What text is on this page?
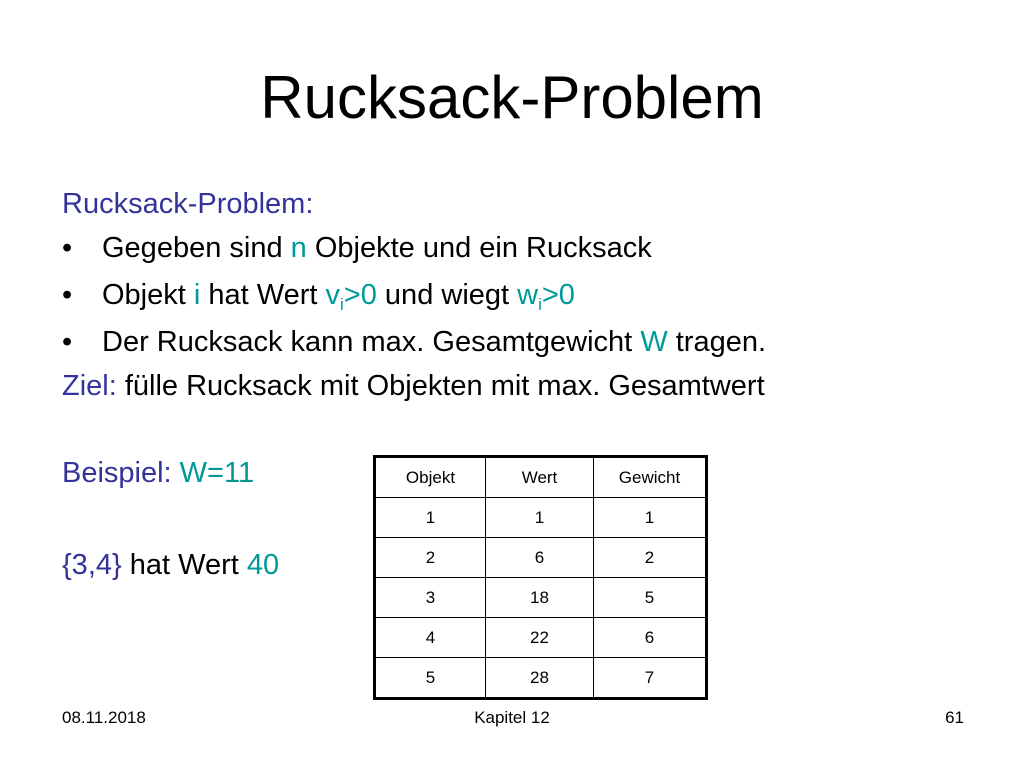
Rucksack-Problem
Rucksack-Problem:
• Gegeben sind n Objekte und ein Rucksack
• Objekt i hat Wert $v_i>0$ und wiegt $w_i>0$
• Der Rucksack kann max. Gesamtgewicht W tragen.
Ziel: fülle Rucksack mit Objekten mit max. Gesamtwert
Beispiel: W=11
{3,4} hat Wert 40
Objekt	Wert	Gewicht
1	1	1
2	6	2
3	18	5
4	22	6
5	28	7
08.11.2018	Kapitel 12	61
